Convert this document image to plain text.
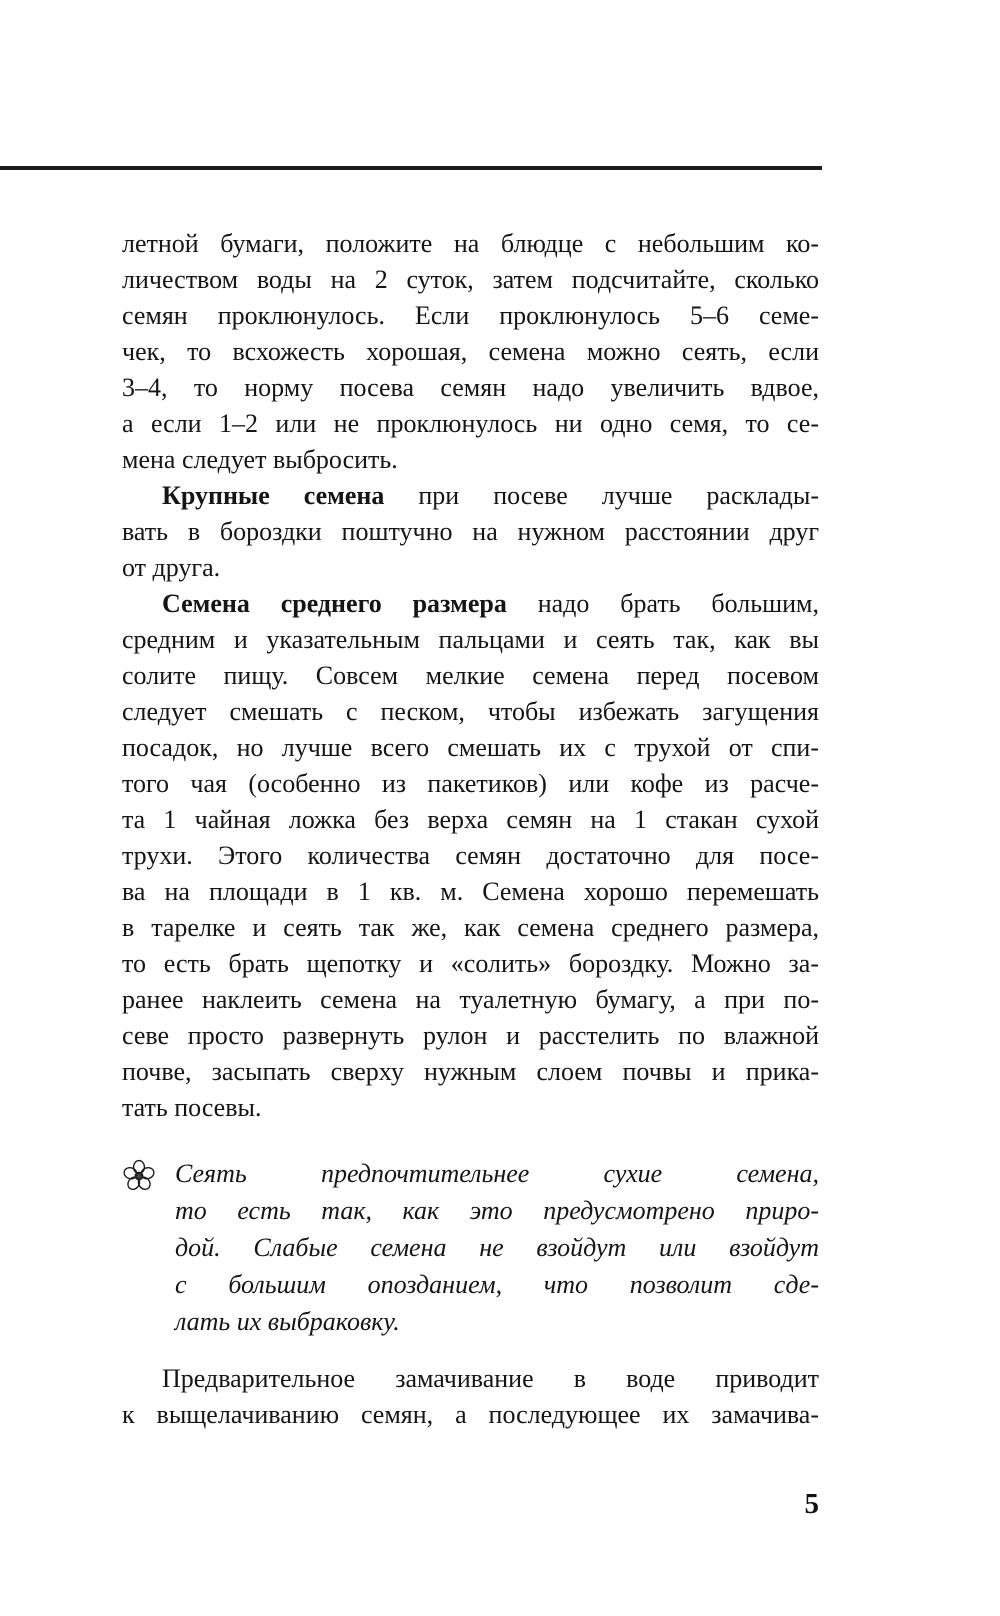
летной бумаги, положите на блюдце с небольшим ко-
личеством воды на 2 суток, затем подсчитайте, сколько
семян проклюнулось. Если проклюнулось 5–6 семе-
чек, то всхожесть хорошая, семена можно сеять, если
3–4, то норму посева семян надо увеличить вдвое,
а если 1–2 или не проклюнулось ни одно семя, то се-
мена следует выбросить.
Крупные семена при посеве лучше расклады-
вать в бороздки поштучно на нужном расстоянии друг
от друга.
Семена среднего размера надо брать большим,
средним и указательным пальцами и сеять так, как вы
солите пищу. Совсем мелкие семена перед посевом
следует смешать с песком, чтобы избежать загущения
посадок, но лучше всего смешать их с трухой от спи-
того чая (особенно из пакетиков) или кофе из расче-
та 1 чайная ложка без верха семян на 1 стакан сухой
трухи. Этого количества семян достаточно для посе-
ва на площади в 1 кв. м. Семена хорошо перемешать
в тарелке и сеять так же, как семена среднего размера,
то есть брать щепотку и «солить» бороздку. Можно за-
ранее наклеить семена на туалетную бумагу, а при по-
севе просто развернуть рулон и расстелить по влажной
почве, засыпать сверху нужным слоем почвы и прика-
тать посевы.
Сеять предпочтительнее сухие семена,
то есть так, как это предусмотрено приро-
дой. Слабые семена не взойдут или взойдут
с большим опозданием, что позволит сде-
лать их выбраковку.
Предварительное замачивание в воде приводит
к выщелачиванию семян, а последующее их замачива-
5
